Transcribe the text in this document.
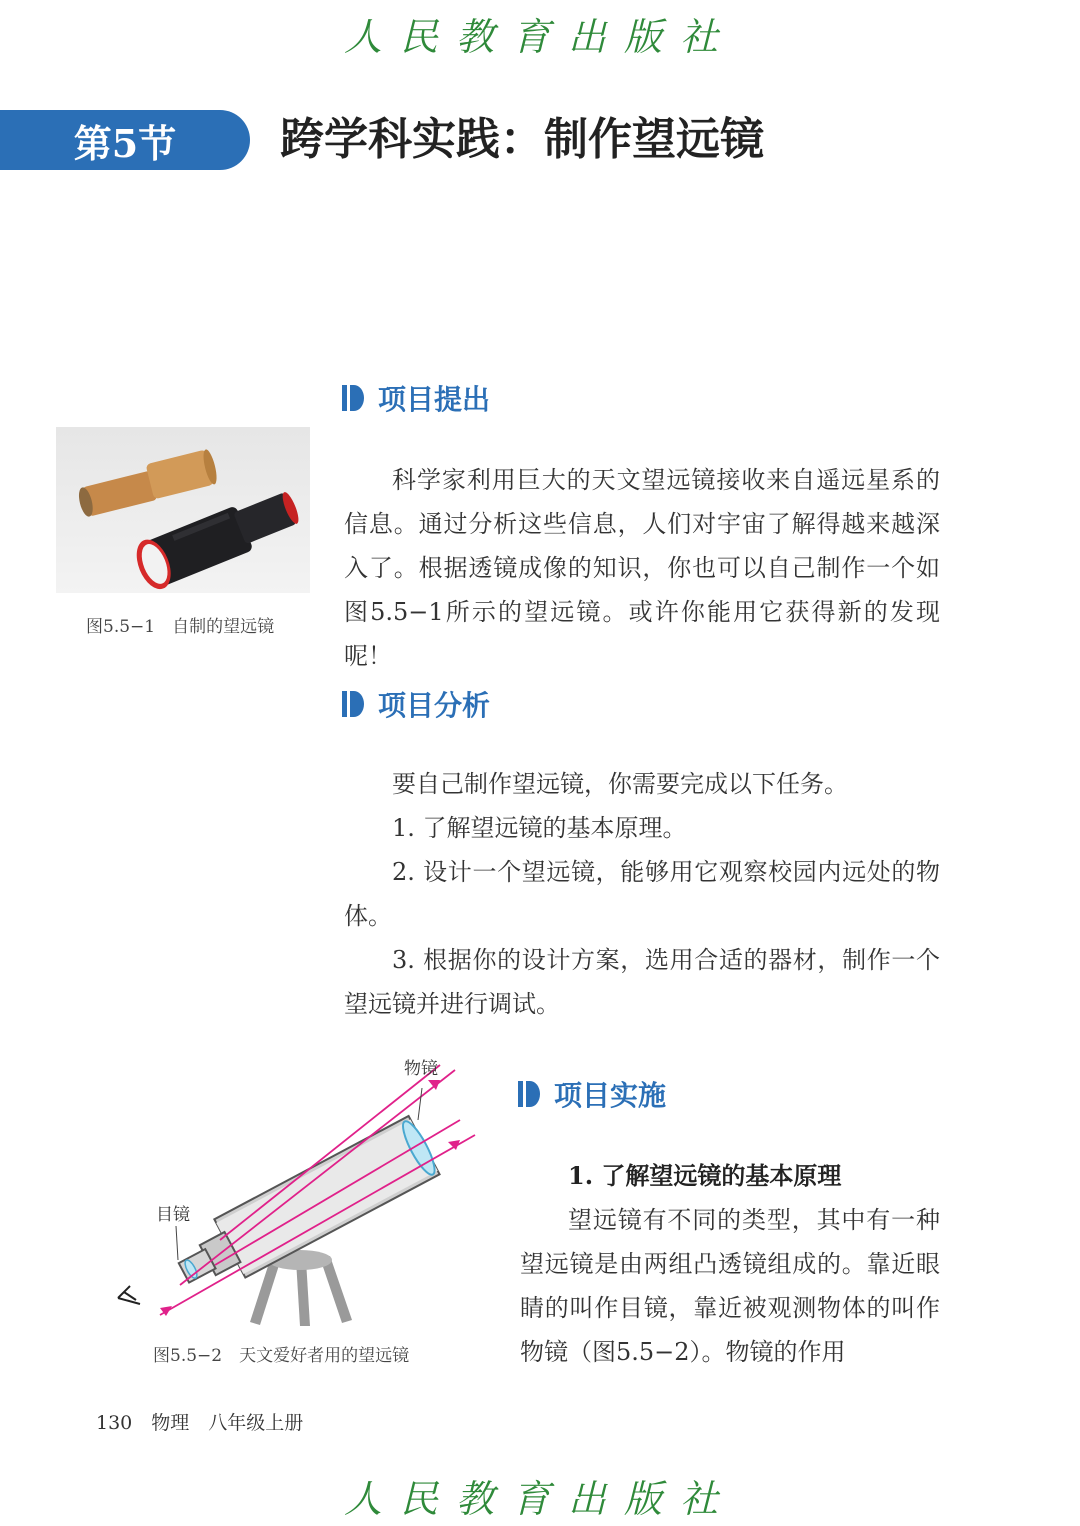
人民教育出版社
第5节	跨学科实践：制作望远镜
项目提出
图5.5−1　自制的望远镜

科学家利用巨大的天文望远镜接收来自遥远星系的信息。通过分析这些信息，人们对宇宙了解得越来越深入了。根据透镜成像的知识，你也可以自己制作一个如图5.5−1所示的望远镜。或许你能用它获得新的发现呢！

项目分析

要自己制作望远镜，你需要完成以下任务。

1. 了解望远镜的基本原理。

2. 设计一个望远镜，能够用它观察校园内远处的物体。

3. 根据你的设计方案，选用合适的器材，制作一个望远镜并进行调试。

物镜
目镜
图5.5−2　天文爱好者用的望远镜
项目实施

1. 了解望远镜的基本原理

望远镜有不同的类型，其中有一种望远镜是由两组凸透镜组成的。靠近眼睛的叫作目镜，靠近被观测物体的叫作物镜（图5.5−2）。物镜的作用

130　物理　八年级上册
人民教育出版社
